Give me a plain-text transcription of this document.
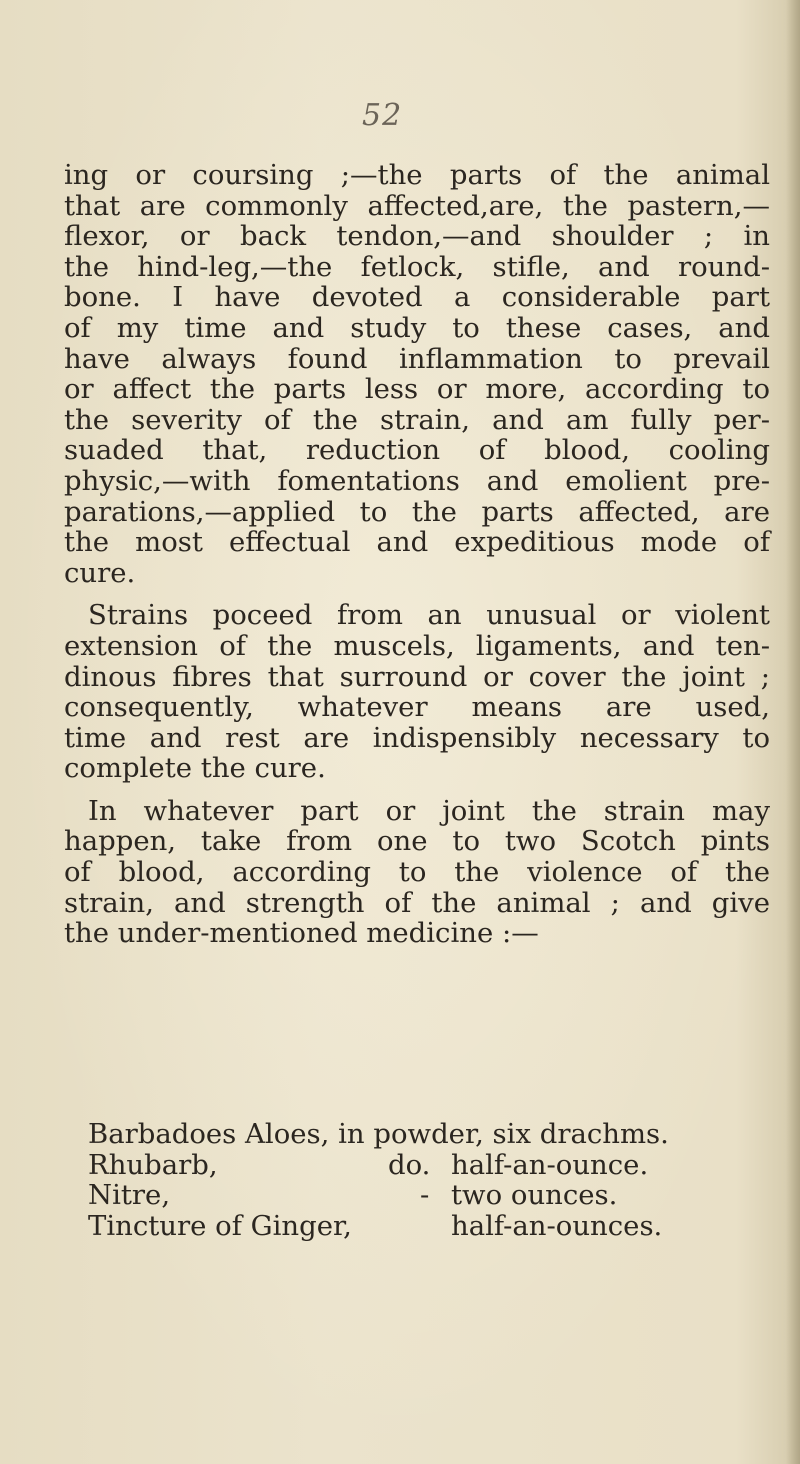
52
ing or coursing ;—the parts of the animal
that are commonly affected,are, the pastern,—
flexor, or back tendon,—and shoulder ; in
the hind-leg,—the fetlock, stifle, and round-
bone. I have devoted a considerable part
of my time and study to these cases, and
have always found inflammation to prevail
or affect the parts less or more, according to
the severity of the strain, and am fully per-
suaded that, reduction of blood, cooling
physic,—with fomentations and emolient pre-
parations,—applied to the parts affected, are
the most effectual and expeditious mode of
cure.
Strains poceed from an unusual or violent
extension of the muscels, ligaments, and ten-
dinous fibres that surround or cover the joint ;
consequently, whatever means are used,
time and rest are indispensibly necessary to
complete the cure.
In whatever part or joint the strain may
happen, take from one to two Scotch pints
of blood, according to the violence of the
strain, and strength of the animal ; and give
the under-mentioned medicine :—
Barbadoes Aloes, in powder, six drachms.
Rhubarb,	do. half-an-ounce.
Nitre,	- two ounces.
Tincture of Ginger,	half-an-ounces.
